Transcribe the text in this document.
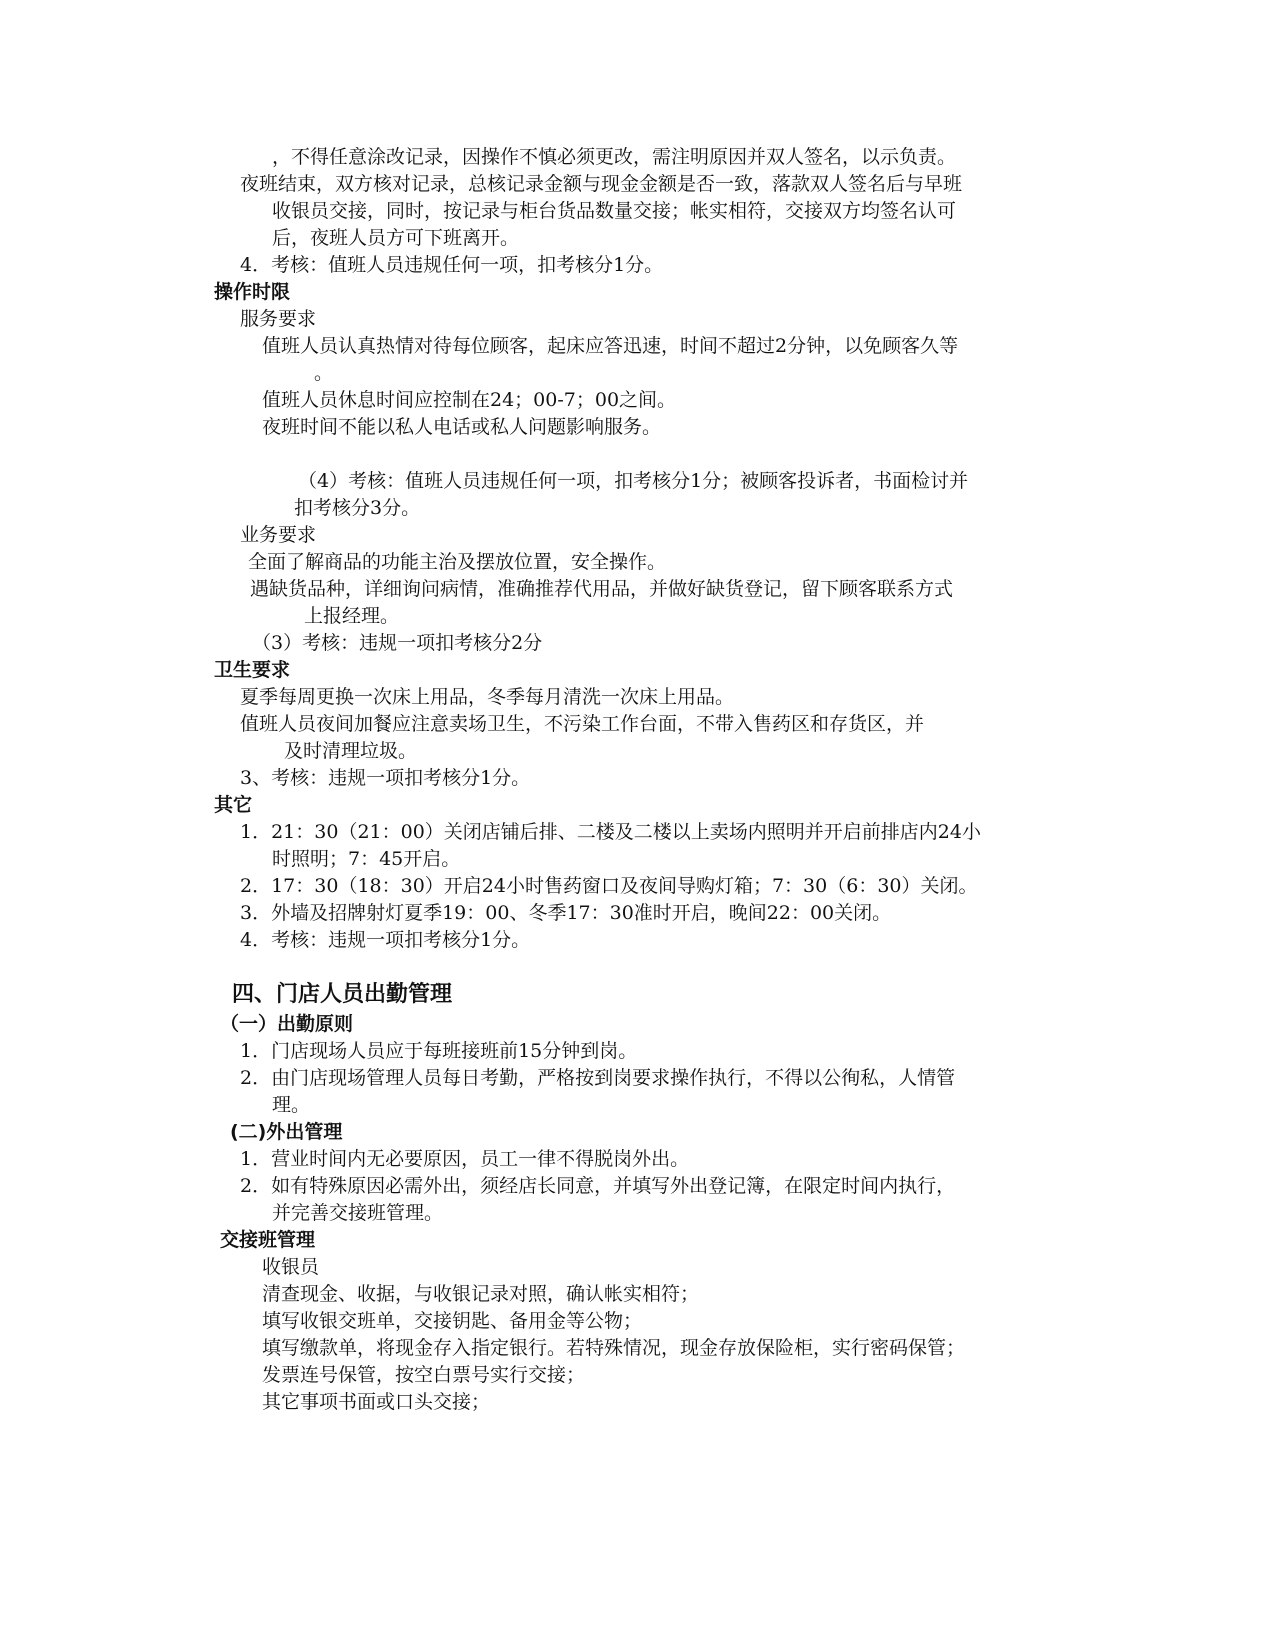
，不得任意涂改记录，因操作不慎必须更改，需注明原因并双人签名，以示负责。
夜班结束，双方核对记录，总核记录金额与现金金额是否一致，落款双人签名后与早班
收银员交接，同时，按记录与柜台货品数量交接；帐实相符，交接双方均签名认可
后，夜班人员方可下班离开。
4．考核：值班人员违规任何一项，扣考核分1分。
操作时限
服务要求
值班人员认真热情对待每位顾客，起床应答迅速，时间不超过2分钟，以免顾客久等
。
值班人员休息时间应控制在24；00-7；00之间。
夜班时间不能以私人电话或私人问题影响服务。
（4）考核：值班人员违规任何一项，扣考核分1分；被顾客投诉者，书面检讨并
扣考核分3分。
业务要求
全面了解商品的功能主治及摆放位置，安全操作。
遇缺货品种，详细询问病情，准确推荐代用品，并做好缺货登记，留下顾客联系方式
上报经理。
（3）考核：违规一项扣考核分2分
卫生要求
夏季每周更换一次床上用品，冬季每月清洗一次床上用品。
值班人员夜间加餐应注意卖场卫生，不污染工作台面，不带入售药区和存货区，并
及时清理垃圾。
3、考核：违规一项扣考核分1分。
其它
1．21：30（21：00）关闭店铺后排、二楼及二楼以上卖场内照明并开启前排店内24小
时照明；7：45开启。
2．17：30（18：30）开启24小时售药窗口及夜间导购灯箱；7：30（6：30）关闭。
3．外墙及招牌射灯夏季19：00、冬季17：30准时开启，晚间22：00关闭。
4．考核：违规一项扣考核分1分。
四、门店人员出勤管理
（一）出勤原则
1．门店现场人员应于每班接班前15分钟到岗。
2．由门店现场管理人员每日考勤，严格按到岗要求操作执行，不得以公徇私，人情管
理。
(二)外出管理
1．营业时间内无必要原因，员工一律不得脱岗外出。
2．如有特殊原因必需外出，须经店长同意，并填写外出登记簿，在限定时间内执行，
并完善交接班管理。
交接班管理
收银员
清查现金、收据，与收银记录对照，确认帐实相符；
填写收银交班单，交接钥匙、备用金等公物；
填写缴款单，将现金存入指定银行。若特殊情况，现金存放保险柜，实行密码保管；
发票连号保管，按空白票号实行交接；
其它事项书面或口头交接；
